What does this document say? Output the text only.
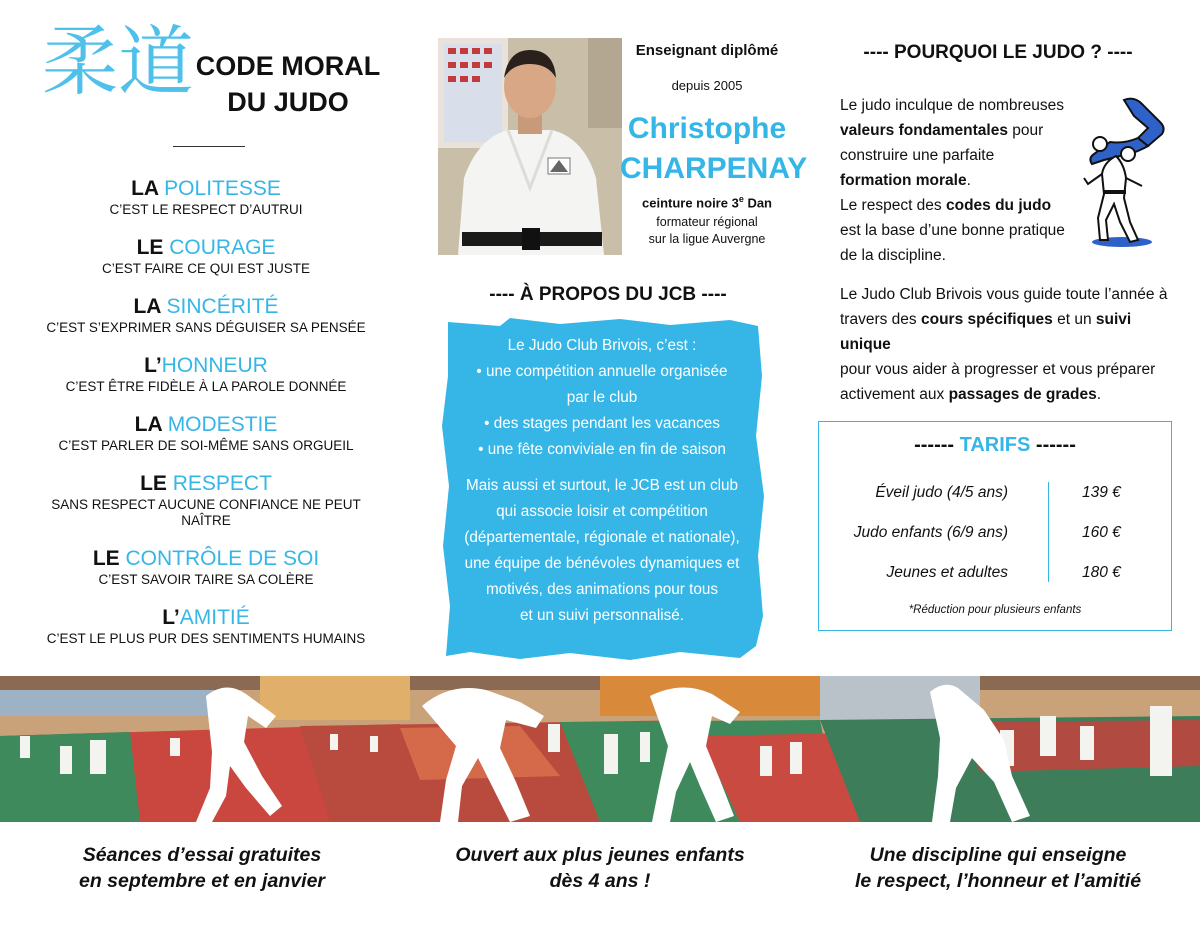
柔道 CODE MORAL
DU JUDO
LA POLITESSE
C’EST LE RESPECT D’AUTRUI
LE COURAGE
C’EST FAIRE CE QUI EST JUSTE
LA SINCÉRITÉ
C’EST S’EXPRIMER SANS DÉGUISER SA PENSÉE
L’HONNEUR
C’EST ÊTRE FIDÈLE À LA PAROLE DONNÉE
LA MODESTIE
C’EST PARLER DE SOI-MÊME SANS ORGUEIL
LE RESPECT
SANS RESPECT AUCUNE CONFIANCE NE PEUT NAÎTRE
LE CONTRÔLE DE SOI
C’EST SAVOIR TAIRE SA COLÈRE
L’AMITIÉ
C’EST LE PLUS PUR DES SENTIMENTS HUMAINS
Enseignant diplômé
depuis 2005
Christophe
CHARPENAY
ceinture noire 3e Dan
formateur régional
sur la ligue Auvergne
---- À PROPOS DU JCB ----
Le Judo Club Brivois, c’est :
• une compétition annuelle organisée
par le club
• des stages pendant les vacances
• une fête conviviale en fin de saison
Mais aussi et surtout, le JCB est un club
qui associe loisir et compétition
(départementale, régionale et nationale),
une équipe de bénévoles dynamiques et
motivés, des animations pour tous
et un suivi personnalisé.
---- POURQUOI LE JUDO ? ----
Le judo inculque de nombreuses
valeurs fondamentales pour
construire une parfaite
formation morale.
Le respect des codes du judo
est la base d’une bonne pratique
de la discipline.
Le Judo Club Brivois vous guide toute l’année à
travers des cours spécifiques et un suivi unique
pour vous aider à progresser et vous préparer
activement aux passages de grades.
------ TARIFS ------
Éveil judo (4/5 ans)	139 €
Judo enfants (6/9 ans)	160 €
Jeunes et adultes	180 €
*Réduction pour plusieurs enfants
Séances d’essai gratuites
en septembre et en janvier
Ouvert aux plus jeunes enfants
dès 4 ans !
Une discipline qui enseigne
le respect, l’honneur et l’amitié
